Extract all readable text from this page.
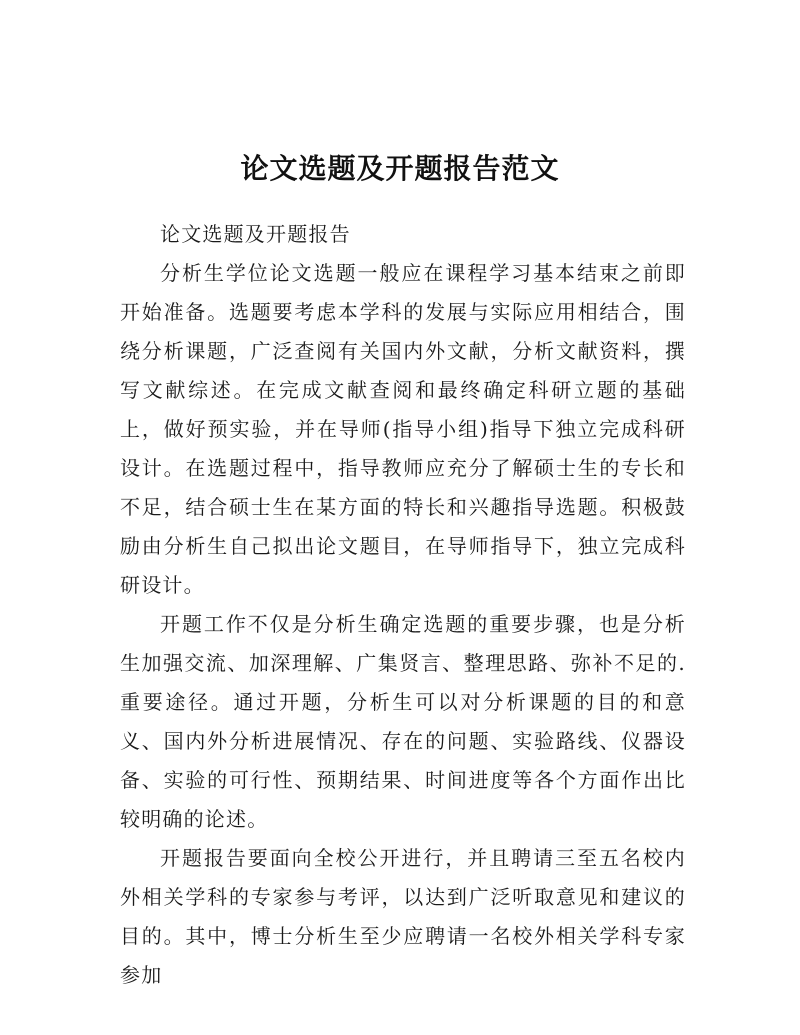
论文选题及开题报告范文

论文选题及开题报告

分析生学位论文选题一般应在课程学习基本结束之前即开始准备。选题要考虑本学科的发展与实际应用相结合，围绕分析课题，广泛查阅有关国内外文献，分析文献资料，撰写文献综述。在完成文献查阅和最终确定科研立题的基础上，做好预实验，并在导师(指导小组)指导下独立完成科研设计。在选题过程中，指导教师应充分了解硕士生的专长和不足，结合硕士生在某方面的特长和兴趣指导选题。积极鼓励由分析生自己拟出论文题目，在导师指导下，独立完成科研设计。

开题工作不仅是分析生确定选题的重要步骤，也是分析生加强交流、加深理解、广集贤言、整理思路、弥补不足的.重要途径。通过开题，分析生可以对分析课题的目的和意义、国内外分析进展情况、存在的问题、实验路线、仪器设备、实验的可行性、预期结果、时间进度等各个方面作出比较明确的论述。

开题报告要面向全校公开进行，并且聘请三至五名校内外相关学科的专家参与考评，以达到广泛听取意见和建议的目的。其中，博士分析生至少应聘请一名校外相关学科专家参加
